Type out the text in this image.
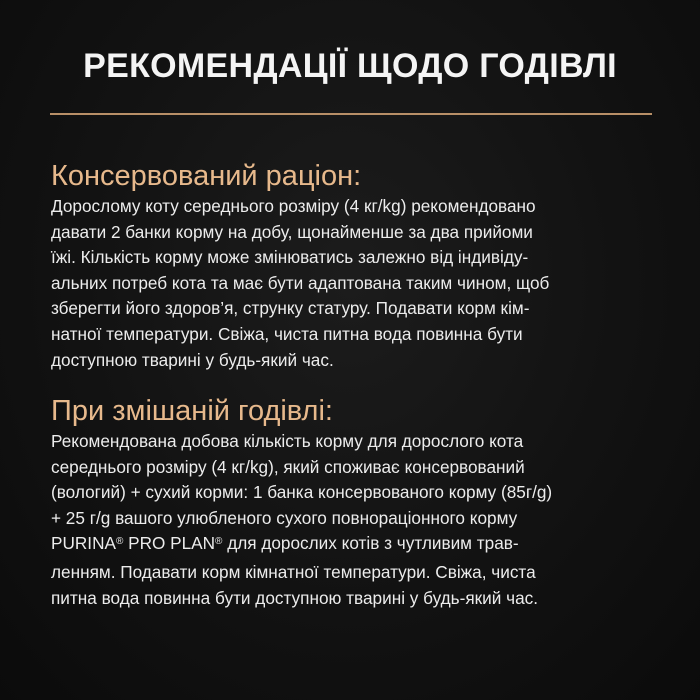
РЕКОМЕНДАЦІЇ ЩОДО ГОДІВЛІ
Консервований раціон:
Дорослому коту середнього розміру (4 кг/kg) рекомендовано
давати 2 банки корму на добу, щонайменше за два прийоми
їжі. Кількість корму може змінюватись залежно від індивіду-
альних потреб кота та має бути адаптована таким чином, щоб
зберегти його здоров’я, струнку статуру. Подавати корм кім-
натної температури. Свіжа, чиста питна вода повинна бути
доступною тварині у будь-який час.
При змішаній годівлі:
Рекомендована добова кількість корму для дорослого кота
середнього розміру (4 кг/kg), який споживає консервований
(вологий) + сухий корми: 1 банка консервованого корму (85г/g)
+ 25 г/g вашого улюбленого сухого повнораціонного корму
PURINA® PRO PLAN® для дорослих котів з чутливим трав-
ленням. Подавати корм кімнатної температури. Свіжа, чиста
питна вода повинна бути доступною тварині у будь-який час.
